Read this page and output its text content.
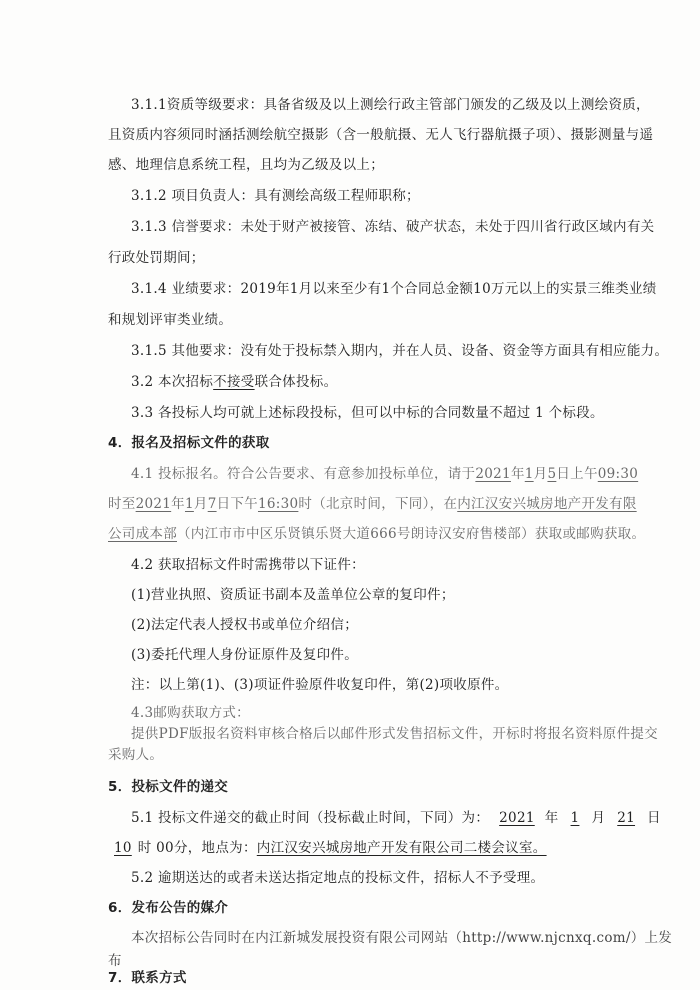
3.1.1资质等级要求：具备省级及以上测绘行政主管部门颁发的乙级及以上测绘资质，
且资质内容须同时涵括测绘航空摄影（含一般航摄、无人飞行器航摄子项）、摄影测量与遥
感、地理信息系统工程，且均为乙级及以上；
3.1.2 项目负责人：具有测绘高级工程师职称；
3.1.3 信誉要求：未处于财产被接管、冻结、破产状态，未处于四川省行政区域内有关
行政处罚期间；
3.1.4 业绩要求：2019年1月以来至少有1个合同总金额10万元以上的实景三维类业绩
和规划评审类业绩。
3.1.5 其他要求：没有处于投标禁入期内，并在人员、设备、资金等方面具有相应能力。
3.2 本次招标不接受联合体投标。
3.3 各投标人均可就上述标段投标，但可以中标的合同数量不超过 1 个标段。
4．报名及招标文件的获取
4.1 投标报名。符合公告要求、有意参加投标单位，请于2021年1月5日上午09:30
时至2021年1月7日下午16:30时（北京时间，下同），在内江汉安兴城房地产开发有限
公司成本部（内江市市中区乐贤镇乐贤大道666号朗诗汉安府售楼部）获取或邮购获取。
4.2 获取招标文件时需携带以下证件：
(1)营业执照、资质证书副本及盖单位公章的复印件；
(2)法定代表人授权书或单位介绍信；
(3)委托代理人身份证原件及复印件。
注：以上第(1)、(3)项证件验原件收复印件，第(2)项收原件。
4.3邮购获取方式：
提供PDF版报名资料审核合格后以邮件形式发售招标文件，开标时将报名资料原件提交
采购人。
5．投标文件的递交
5.1 投标文件递交的截止时间（投标截止时间，下同）为： 2021 年 1 月 21 日
10 时 00分，地点为：内江汉安兴城房地产开发有限公司二楼会议室。
5.2 逾期送达的或者未送达指定地点的投标文件，招标人不予受理。
6．发布公告的媒介
本次招标公告同时在内江新城发展投资有限公司网站（http://www.njcnxq.com/）上发
布
7．联系方式
